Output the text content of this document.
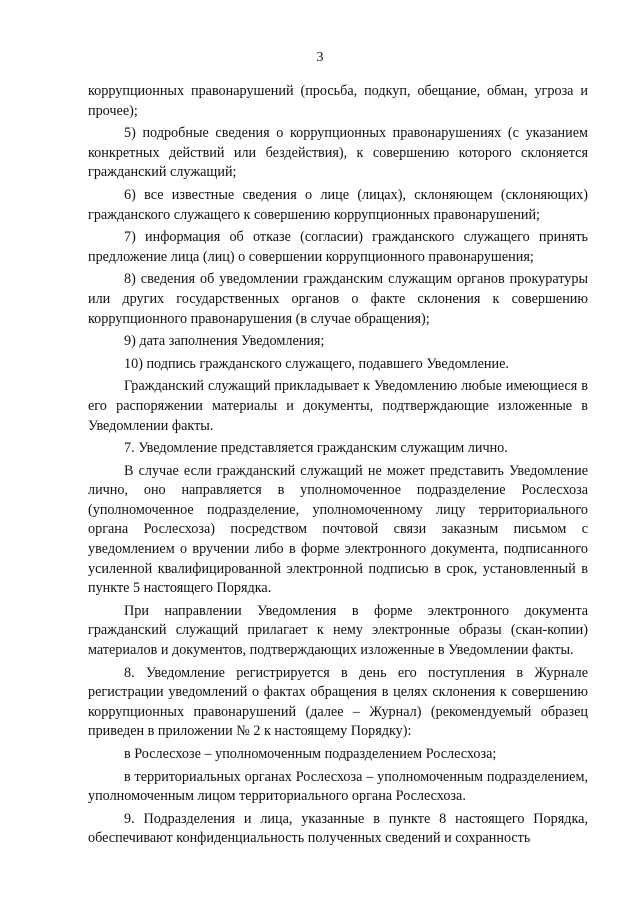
3

коррупционных правонарушений (просьба, подкуп, обещание, обман, угроза и прочее);

5) подробные сведения о коррупционных правонарушениях (с указанием конкретных действий или бездействия), к совершению которого склоняется гражданский служащий;

6) все известные сведения о лице (лицах), склоняющем (склоняющих) гражданского служащего к совершению коррупционных правонарушений;

7) информация об отказе (согласии) гражданского служащего принять предложение лица (лиц) о совершении коррупционного правонарушения;

8) сведения об уведомлении гражданским служащим органов прокуратуры или других государственных органов о факте склонения к совершению коррупционного правонарушения (в случае обращения);

9) дата заполнения Уведомления;

10) подпись гражданского служащего, подавшего Уведомление.

Гражданский служащий прикладывает к Уведомлению любые имеющиеся в его распоряжении материалы и документы, подтверждающие изложенные в Уведомлении факты.

7. Уведомление представляется гражданским служащим лично.

В случае если гражданский служащий не может представить Уведомление лично, оно направляется в уполномоченное подразделение Рослесхоза (уполномоченное подразделение, уполномоченному лицу территориального органа Рослесхоза) посредством почтовой связи заказным письмом с уведомлением о вручении либо в форме электронного документа, подписанного усиленной квалифицированной электронной подписью в срок, установленный в пункте 5 настоящего Порядка.

При направлении Уведомления в форме электронного документа гражданский служащий прилагает к нему электронные образы (скан-копии) материалов и документов, подтверждающих изложенные в Уведомлении факты.

8. Уведомление регистрируется в день его поступления в Журнале регистрации уведомлений о фактах обращения в целях склонения к совершению коррупционных правонарушений (далее – Журнал) (рекомендуемый образец приведен в приложении № 2 к настоящему Порядку):

в Рослесхозе – уполномоченным подразделением Рослесхоза;

в территориальных органах Рослесхоза – уполномоченным подразделением, уполномоченным лицом территориального органа Рослесхоза.

9. Подразделения и лица, указанные в пункте 8 настоящего Порядка, обеспечивают конфиденциальность полученных сведений и сохранность
